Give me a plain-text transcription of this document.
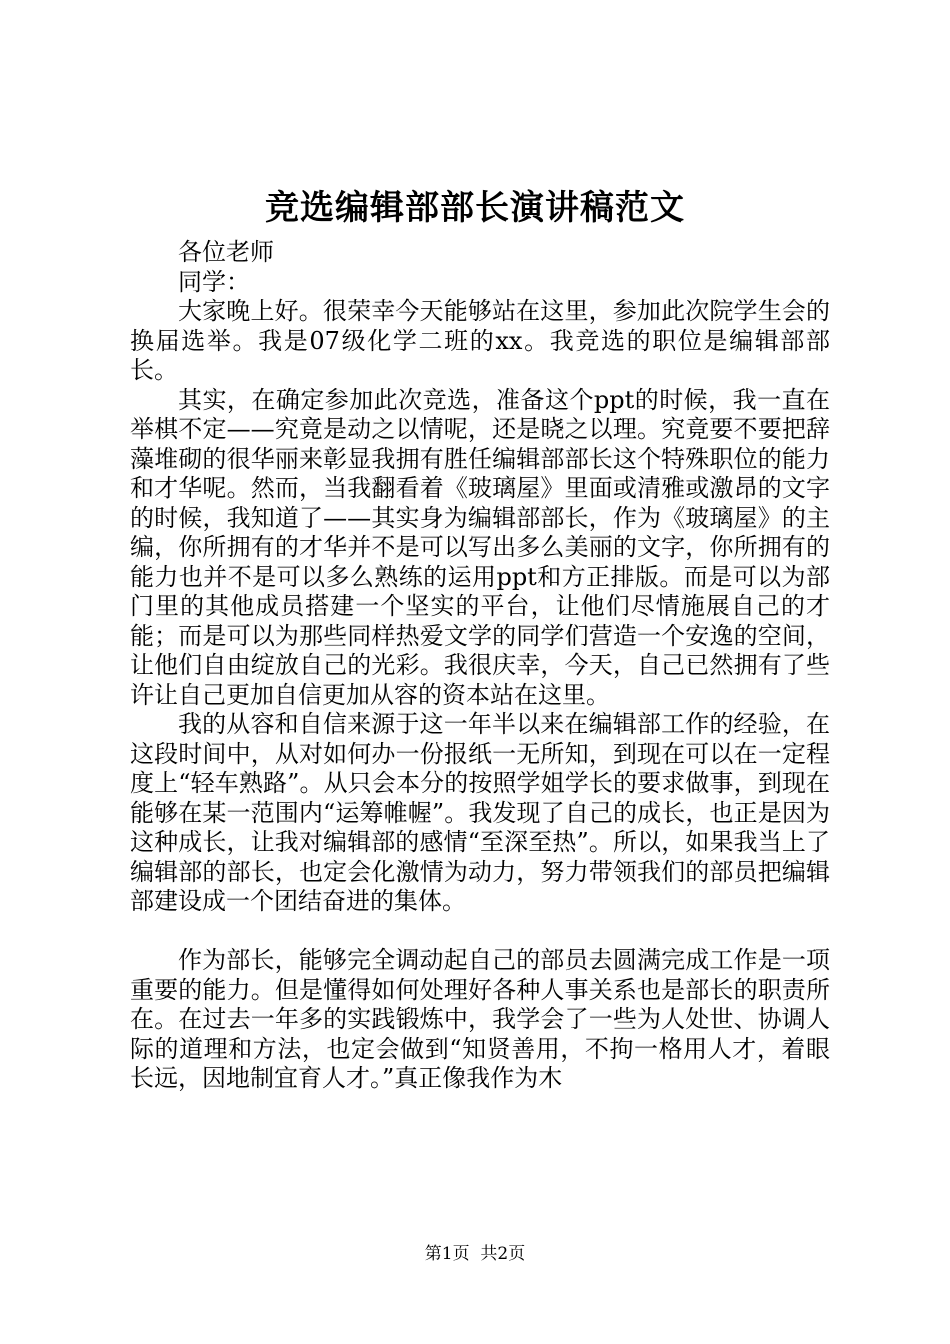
竞选编辑部部长演讲稿范文

各位老师

同学：

大家晚上好。很荣幸今天能够站在这里，参加此次院学生会的换届选举。我是07级化学二班的xx。我竞选的职位是编辑部部长。

其实，在确定参加此次竞选，准备这个ppt的时候，我一直在举棋不定——究竟是动之以情呢，还是晓之以理。究竟要不要把辞藻堆砌的很华丽来彰显我拥有胜任编辑部部长这个特殊职位的能力和才华呢。然而，当我翻看着《玻璃屋》里面或清雅或激昂的文字的时候，我知道了——其实身为编辑部部长，作为《玻璃屋》的主编，你所拥有的才华并不是可以写出多么美丽的文字，你所拥有的能力也并不是可以多么熟练的运用ppt和方正排版。而是可以为部门里的其他成员搭建一个坚实的平台，让他们尽情施展自己的才能；而是可以为那些同样热爱文学的同学们营造一个安逸的空间，让他们自由绽放自己的光彩。我很庆幸，今天，自己已然拥有了些许让自己更加自信更加从容的资本站在这里。

我的从容和自信来源于这一年半以来在编辑部工作的经验，在这段时间中，从对如何办一份报纸一无所知，到现在可以在一定程度上“轻车熟路”。从只会本分的按照学姐学长的要求做事，到现在能够在某一范围内“运筹帷幄”。我发现了自己的成长，也正是因为这种成长，让我对编辑部的感情“至深至热”。所以，如果我当上了编辑部的部长，也定会化激情为动力，努力带领我们的部员把编辑部建设成一个团结奋进的集体。

作为部长，能够完全调动起自己的部员去圆满完成工作是一项重要的能力。但是懂得如何处理好各种人事关系也是部长的职责所在。在过去一年多的实践锻炼中，我学会了一些为人处世、协调人际的道理和方法，也定会做到“知贤善用，不拘一格用人才，着眼长远，因地制宜育人才。”真正像我作为木

第1页  共2页
